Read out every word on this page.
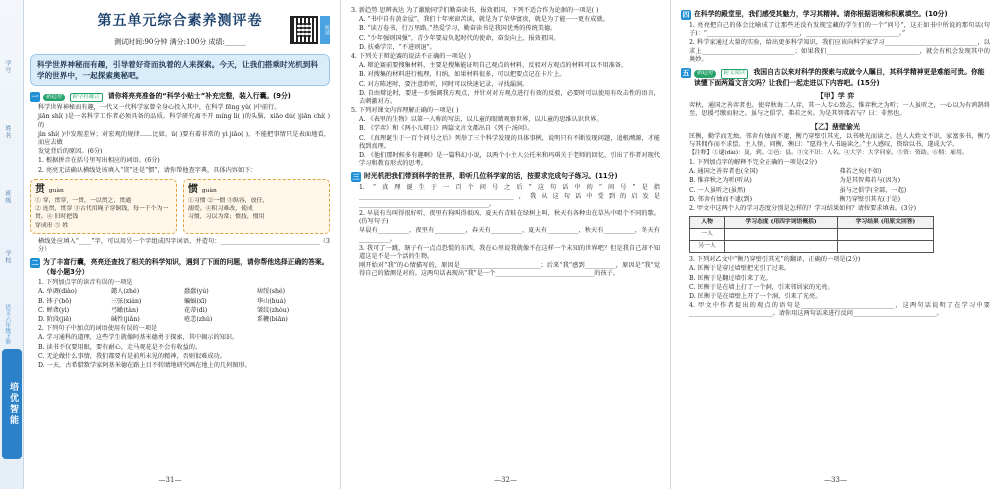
学号
姓名
班级
学校
语文·六年级下册
培优智能
听读
第五单元综合素养测评卷
测试时间:90分钟 满分:100分 成绩:______
科学世界神秘而有趣，引导着好奇而执着的人来探索。今天，让我们搭乘时光机到科学的世界中，一起探索奥秘吧。
一	新趋势 跨学科融合 请你将亮亮准备的“科学小贴士”补充完整，装入行囊。(9分)

科学世界神秘而有趣，一代又一代科学家曾全身心投入其中，在科学 fēng yǔ( )中前行。

jiān shǐ( )是一名科学工作者必须具备的品质。科学研究离不开 míng lì( )的头脑，xiāo dú( )jiān chí( )的

jìn shí( )中发现差异；对宏观的规律……比如，ü( )要有着非常的 yì jiǎo( )，不能把事情只是表面地看，而应去做

发觉背后的原因。(6分)

1. 根据拼音在括号里写出相应的词语。(6分)

2. 亮亮无法确认横线处该填入“贯”还是“惯”，请你帮他查字典，具体内容如下：

贯 guàn
① 穿，贯穿，一贯，一以贯之，贯通
② 连贯，贯穿 ③古代用绳子穿铜钱，每一千个为一贯。④ 旧时把钱
穿成串 ⑤ 姓
惯 guàn
①习惯 ②一惯 ③纵容，放任，
溺爱。④积习难改，使成
习惯，习以为常；惯技，惯用

横线处应填入“____”字，可以用另一个字组成四字词语，并造句：________________________________（3分）

二 为了丰富行囊，亮亮还查找了相关的科学知识，遇到了下面的问题，请你帮他选择正确的答案。（每小题3分）

1. 下列加点字的读音有误的一项是

A. 单调(diào)	懿人(zhé)	蠢蠢(yú)	痞绥(shé)
B. 钵子(bō)	三弦(xián)	蝙蝠(xī)	华山(huá)
C. 蝉聋(yì)	弓瞰(tàn)	花蒂(dì)	皱纹(zhòu)
D. 阶段(jiē)	碱性(jiǎn)	疮恙(zhǔ)	系鞭(biān)

2. 下列句子中加点的词语使用有误的一项是

A. 学习通科的道理，这些学生就像阿基米德勇于探索，其中揭示的知识。

B. 读书不仅要用眼，要有耐心，走马观花是不会有收益的。

C. 无论做什么事情，我们都要有是前所未见的精神，否则很难成功。

D. 一天，古希腊数学家阿基米德在路上目不转睛地研究画在地上的几何图形。

—31—

3. 新趋势 思辨表达 为了激励同学们勤奋读书，报效祖国，下列不适合作为论据的一项是( )

A. “书中自有黄金屋”，我们十年寒窗苦读，就是为了荣华富贵，就是为了能一一更有成就。

B. “读万卷书，行万里路。”热爱学习，勤奋读书是我国优秀的传统美德。

C. “少年强则国强”，青少年要肩负起时代的使命，奋发向上，报效祖国。

D. 扶桑学宗，“不进则退”。

4. 下列关于辩论赛的说法不正确的一项是( )

A. 辩论赛前要搜集材料，主要是搜集能证明自己观点的材料，反驳对方观点的材料可以不用准备。

B. 对搜集的材料进行梳理，归纳，如果材料很多，可以把要点记在卡片上。

C. 对方陈述时，要注意聆听，同时可以快速记录，寻找漏洞。

D. 自由辩论时，要进一步强调我方观点，并针对对方观点进行有效的反驳，必要时可以使用有攻击性的语言，去刺激对方。

5. 下列对课文内容理解正确的一项是( )

A. 《表里的生物》以第一人称的写法，以儿童的眼睛观察世界，以儿童的思维认识世界。

B. 《学弈》和《两小儿辩日》两篇文言文都出自《列子·汤问》。

C. 《真理诞生于一百个问号之后》列举了三个科学发现的具体事例，说明只有不断发现问题，追根溯源，才能找到真理。

D. 《他们那时候多有趣啊》是一篇科幻小说，以两个小主人公托米和玛琪关于老师的回忆，引出了作者对现代学习和教育形式的思考。

三 时光机把我们带到科学的世界，聆听几位科学家的话，按要求完成句子练习。(11分)

1. “真理诞生于一百个问号之后”这句话中的“问号”是指__________________________________________________，我从这句话中受到的启发是__________________________________________。

2. 早晨有鸟叫得很好听，夜里有狗叫得很凶，夏天有青蛙在绿树上叫，秋天有各种虫在草丛中唱个不同的歌。(仿写句子)

早晨有__________，夜里有__________，春天有__________，夏天有__________，秋天有__________，冬天有__________。

3. 我可了一跳，瞎子有一点点恐慌的东西，我在心里说我就像不在这样一个未知的世界吧？但是我自己却不知道这是不是一个活的生物。

刚开始对“我”的心情描写的，原因是__________________________；后来“我”感到__________，原因是“我”觉得自己的猜测是对的。这两句话表现出“我”是一个________________________________的孩子。

—32—
四 在科学的殿堂里，我们感受其魅力，学习其精神。请你根据语境和积累填空。(10分)

1. 亮亮把自己的体会比喻成了让那些还没有发现宝藏的学生们的一个“问号”，这正如书中所说的那句话(句子)：“______________________________，______________________________。”

2. 科学家通过大量的实验，给出更多科学知识，我们应该向科学家学习______________________________，以求上______________________________；如果我们______________________________，就会有机会发现其中的奥妙。

五	新趋势 跨文阅读 我国自古以来对科学的探索与成就令人瞩目，其科学精神更是难能可贵。你能读懂下面两篇文言文吗？让我们一起走进以下内容吧。(15分)
【甲】学 弈

弈秋，通国之善弈者也。使弈秋诲二人弈，其一人专心致志，惟弈秋之为听；一人虽听之，一心以为有鸿鹄将至，思援弓缴而射之。虽与之俱学，弗若之矣。为是其智弗若与？曰：非然也。

【乙】凿壁偷光

匡衡，勤学而无烛。邻舍有烛而不逮，衡乃穿壁引其光，以书映光而读之。邑人大姓文不识，家富多书，衡乃与其佣作而不求偿。主人怪，问衡，衡曰：“愿得主人书遍读之。”主人感叹，资给以书，遂成大学。

【注释】①逮(dài)：及，到。②邑：县。③文不识：人名。④大学：大学问家。⑤资：资助。⑥佣：雇用。

1. 下列加点字的解释不完全正确的一项是(2分)

A. 通国之善弈者也(全国)	弗若之矣(不如)
B. 惟弈秋之为听(听从)	为是其智弗若与(因为)
C. 一人虽听之(虽然)	虽与之俱学(全部，一起)
D. 邻舍有烛而不逮(到)	衡乃穿壁引其光(于是)

2. 甲文中这两个人的学习态度分别是怎样的？学习结果如何？请按要求填表。(3分)

人物	学习态度 (用四字词语概括)	学习结果 (用原文回答)
一人		
另一人		

3. 下列对乙文中“衡乃穿壁引其光”的翻译，正确的一项是(2分)

A. 匡衡于是穿过墙壁把光引了过来。

B. 匡衡于是翻过墙引来了光。

C. 匡衡于是在墙上打了一个洞，引来邻居家的光亮。

D. 匡衡于是在墙壁上开了一个洞，引来了光亮。

4. 甲文中作者提出的观点的语句是______________________________，这两句话说明了在学习中要___________________________。请你用这两句话来进行反问___________________________。

—33—
